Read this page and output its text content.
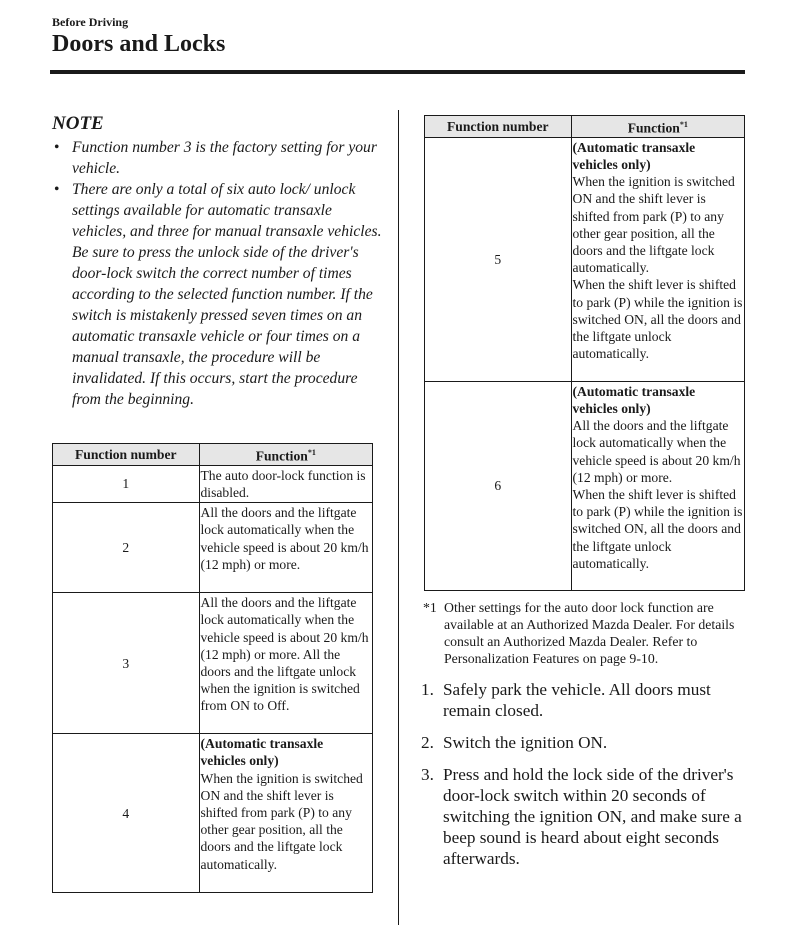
Before Driving
Doors and Locks
NOTE
• Function number 3 is the factory setting for your vehicle.
• There are only a total of six auto lock/ unlock settings available for automatic transaxle vehicles, and three for manual transaxle vehicles. Be sure to press the unlock side of the driver's door-lock switch the correct number of times according to the selected function number. If the switch is mistakenly pressed seven times on an automatic transaxle vehicle or four times on a manual transaxle, the procedure will be invalidated. If this occurs, start the procedure from the beginning.
Function number	Function$^{*1}$
1	The auto door-lock function is disabled.

2	All the doors and the liftgate lock automatically when the vehicle speed is about 20 km/h (12 mph) or more.

3	All the doors and the liftgate lock automatically when the vehicle speed is about 20 km/h (12 mph) or more. All the doors and the liftgate unlock when the ignition is switched from ON to Off.

4	(Automatic transaxle vehicles only)
When the ignition is switched ON and the shift lever is shifted from park (P) to any other gear position, all the doors and the liftgate lock automatically.
Function number	Function$^{*1}$
5	(Automatic transaxle vehicles only)
When the ignition is switched ON and the shift lever is shifted from park (P) to any other gear position, all the doors and the liftgate lock automatically.
When the shift lever is shifted to park (P) while the ignition is switched ON, all the doors and the liftgate unlock automatically.

6	(Automatic transaxle vehicles only)
All the doors and the liftgate lock automatically when the vehicle speed is about 20 km/h (12 mph) or more.
When the shift lever is shifted to park (P) while the ignition is switched ON, all the doors and the liftgate unlock automatically.
*1 Other settings for the auto door lock function are available at an Authorized Mazda Dealer. For details consult an Authorized Mazda Dealer. Refer to Personalization Features on page 9-10.
1. Safely park the vehicle. All doors must remain closed.
2. Switch the ignition ON.
3. Press and hold the lock side of the driver's door-lock switch within 20 seconds of switching the ignition ON, and make sure a beep sound is heard about eight seconds afterwards.
